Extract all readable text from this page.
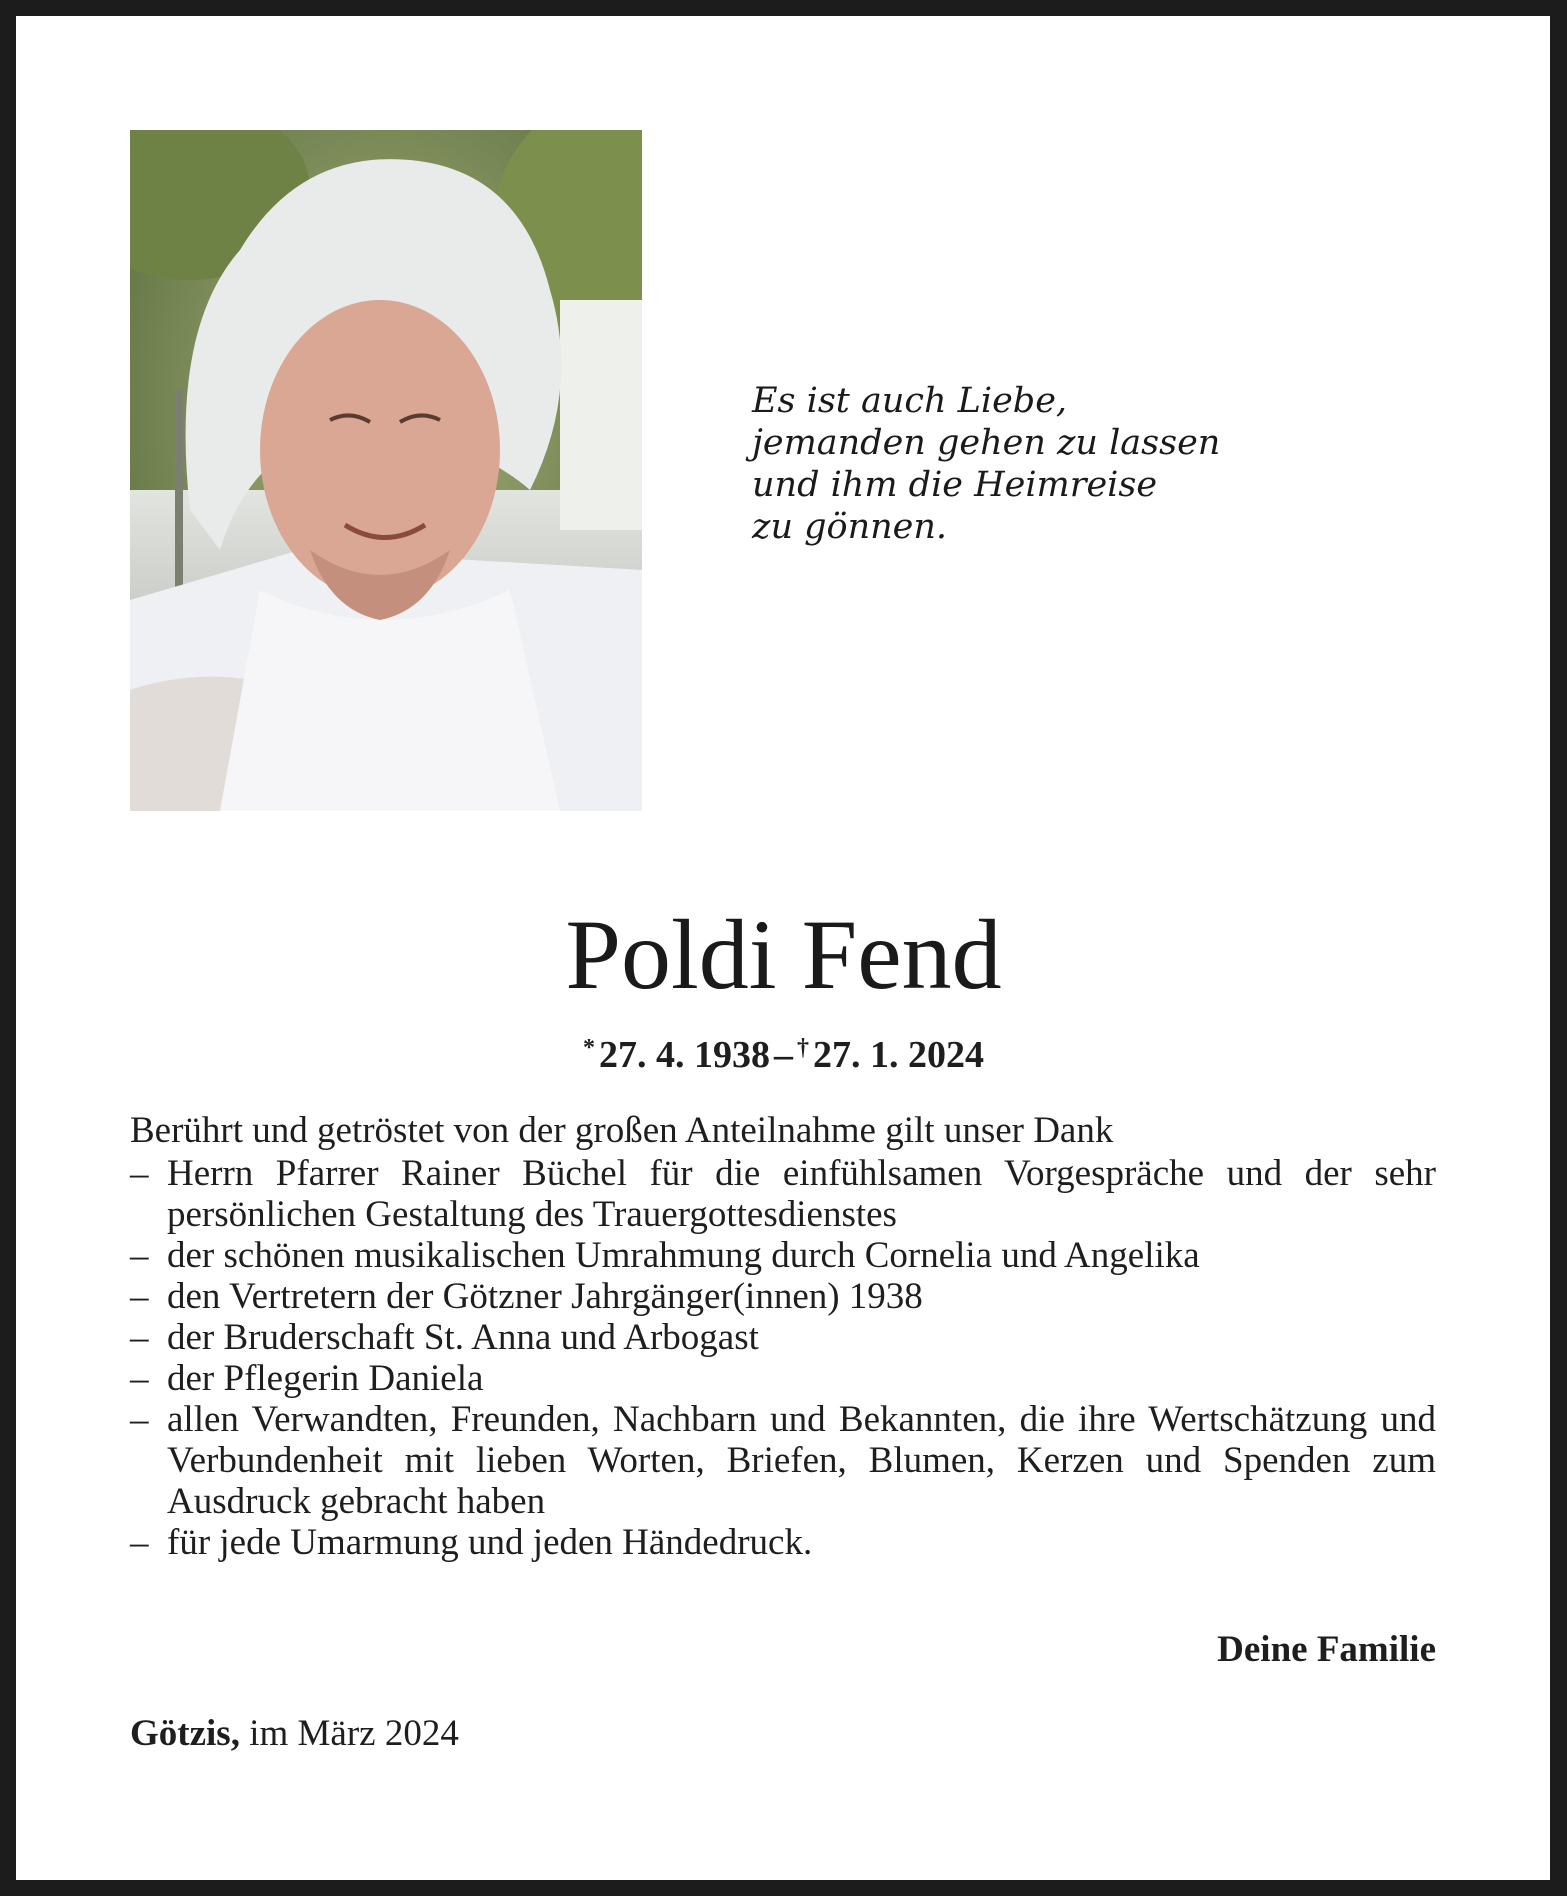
Es ist auch Liebe,
jemanden gehen zu lassen
und ihm die Heimreise
zu gönnen.
Poldi Fend
* 27. 4. 1938 – † 27. 1. 2024
Berührt und getröstet von der großen Anteilnahme gilt unser Dank
– Herrn Pfarrer Rainer Büchel für die einfühlsamen Vorgespräche und der sehr persönlichen Gestaltung des Trauergottesdienstes
– der schönen musikalischen Umrahmung durch Cornelia und Angelika
– den Vertretern der Götzner Jahrgänger(innen) 1938
– der Bruderschaft St. Anna und Arbogast
– der Pflegerin Daniela
– allen Verwandten, Freunden, Nachbarn und Bekannten, die ihre Wertschätzung und Verbundenheit mit lieben Worten, Briefen, Blumen, Kerzen und Spenden zum Ausdruck gebracht haben
– für jede Umarmung und jeden Händedruck.
Deine Familie
Götzis, im März 2024
